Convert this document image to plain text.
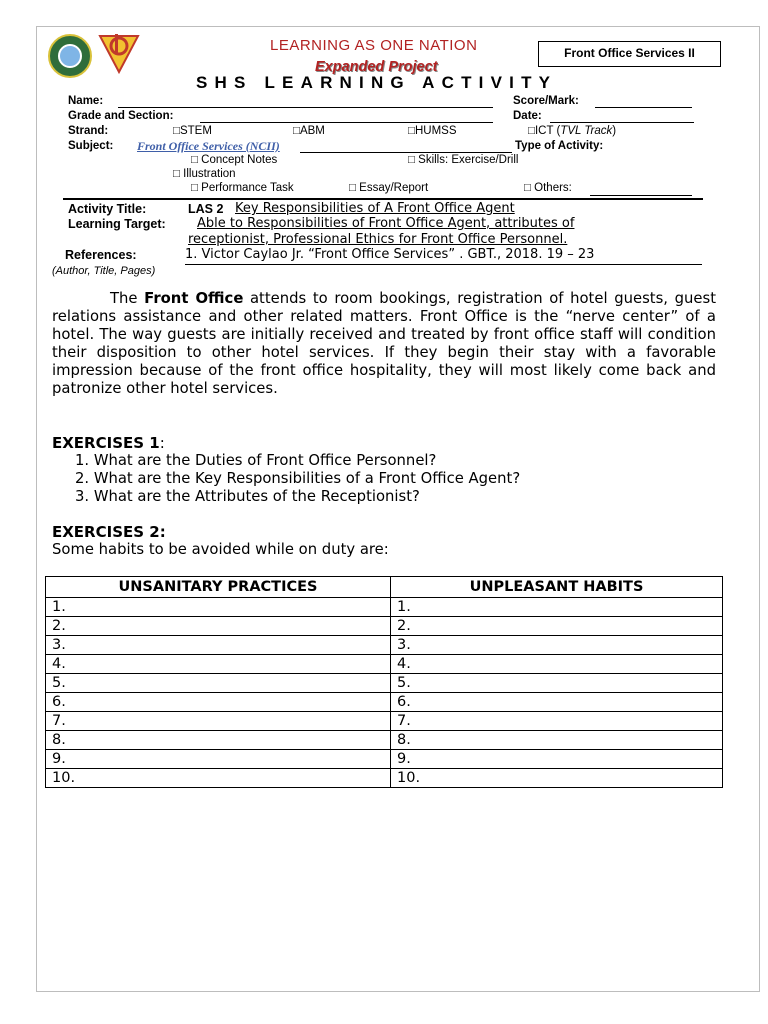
LEARNING AS ONE NATION
Expanded Project
Front Office Services II
SHS LEARNING ACTIVITY
Name:	Score/Mark:
Grade and Section:	Date:
Strand:	□STEM	□ABM	□HUMSS	□ICT (TVL Track)
Subject: Front Office Services (NCII)	Type of Activity:
□ Concept Notes	□ Skills: Exercise/Drill
□ Illustration
□ Performance Task	□ Essay/Report	□ Others:
Activity Title:	LAS 2 Key Responsibilities of A Front Office Agent
Learning Target: Able to Responsibilities of Front Office Agent, attributes of
receptionist, Professional Ethics for Front Office Personnel.
References:	1. Victor Caylao Jr. “Front Office Services” . GBT., 2018. 19 – 23
(Author, Title, Pages)
The Front Office attends to room bookings, registration of hotel guests, guest relations assistance and other related matters. Front Office is the “nerve center” of a hotel. The way guests are initially received and treated by front office staff will condition their disposition to other hotel services. If they begin their stay with a favorable impression because of the front office hospitality, they will most likely come back and patronize other hotel services.
EXERCISES 1:
1. What are the Duties of Front Office Personnel?
2. What are the Key Responsibilities of a Front Office Agent?
3. What are the Attributes of the Receptionist?
EXERCISES 2:
Some habits to be avoided while on duty are:
UNSANITARY PRACTICES	UNPLEASANT HABITS
1.	1.
2.	2.
3.	3.
4.	4.
5.	5.
6.	6.
7.	7.
8.	8.
9.	9.
10.	10.
